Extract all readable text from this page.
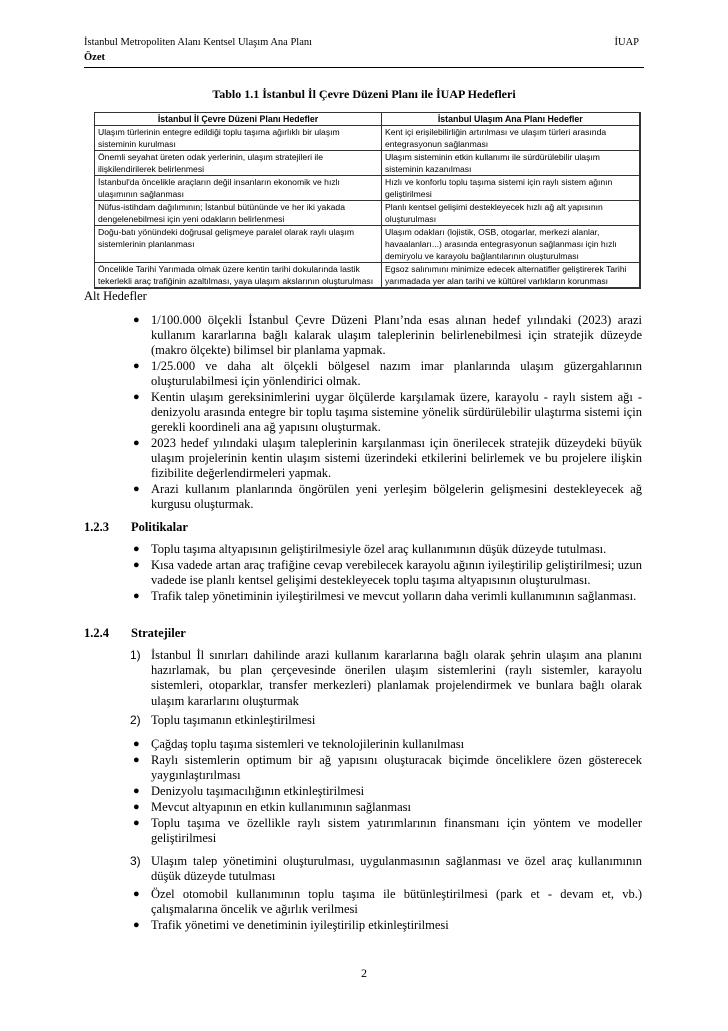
İstanbul Metropoliten Alanı Kentsel Ulaşım Ana Planı	İUAP
Özet
Tablo 1.1 İstanbul İl Çevre Düzeni Planı ile İUAP Hedefleri
İstanbul İl Çevre Düzeni Planı Hedefler	İstanbul Ulaşım Ana Planı Hedefler
Ulaşım türlerinin entegre edildiği toplu taşıma ağırlıklı bir ulaşım sisteminin kurulması	Kent içi erişilebilirliğin artırılması ve ulaşım türleri arasında entegrasyonun sağlanması
Önemli seyahat üreten odak yerlerinin, ulaşım stratejileri ile ilişkilendirilerek belirlenmesi	Ulaşım sisteminin etkin kullanımı ile sürdürülebilir ulaşım sisteminin kazanılması
İstanbul'da öncelikle araçların değil insanların ekonomik ve hızlı ulaşımının sağlanması	Hızlı ve konforlu toplu taşıma sistemi için raylı sistem ağının geliştirilmesi
Nüfus-istihdam dağılımının; İstanbul bütününde ve her iki yakada dengelenebilmesi için yeni odakların belirlenmesi	Planlı kentsel gelişimi destekleyecek hızlı ağ alt yapısının oluşturulması
Doğu-batı yönündeki doğrusal gelişmeye paralel olarak raylı ulaşım sistemlerinin planlanması	Ulaşım odakları (lojistik, OSB, otogarlar, merkezi alanlar, havaalanları...) arasında entegrasyonun sağlanması için hızlı demiryolu ve karayolu bağlantılarının oluşturulması
Öncelikle Tarihi Yarımada olmak üzere kentin tarihi dokularında lastik tekerlekli araç trafiğinin azaltılması, yaya ulaşım akslarının oluşturulması	Egsoz salınımını minimize edecek alternatifler geliştirerek Tarihi yarımadada yer alan tarihi ve kültürel varlıkların korunması
Alt Hedefler
● 1/100.000 ölçekli İstanbul Çevre Düzeni Planı’nda esas alınan hedef yılındaki (2023) arazi kullanım kararlarına bağlı kalarak ulaşım taleplerinin belirlenebilmesi için stratejik düzeyde (makro ölçekte) bilimsel bir planlama yapmak.
● 1/25.000 ve daha alt ölçekli bölgesel nazım imar planlarında ulaşım güzergahlarının oluşturulabilmesi için yönlendirici olmak.
● Kentin ulaşım gereksinimlerini uygar ölçülerde karşılamak üzere, karayolu - raylı sistem ağı - denizyolu arasında entegre bir toplu taşıma sistemine yönelik sürdürülebilir ulaştırma sistemi için gerekli koordineli ana ağ yapısını oluşturmak.
● 2023 hedef yılındaki ulaşım taleplerinin karşılanması için önerilecek stratejik düzeydeki büyük ulaşım projelerinin kentin ulaşım sistemi üzerindeki etkilerini belirlemek ve bu projelere ilişkin fizibilite değerlendirmeleri yapmak.
● Arazi kullanım planlarında öngörülen yeni yerleşim bölgelerin gelişmesini destekleyecek ağ kurgusu oluşturmak.
1.2.3 Politikalar
● Toplu taşıma altyapısının geliştirilmesiyle özel araç kullanımının düşük düzeyde tutulması.
● Kısa vadede artan araç trafiğine cevap verebilecek karayolu ağının iyileştirilip geliştirilmesi; uzun vadede ise planlı kentsel gelişimi destekleyecek toplu taşıma altyapısının oluşturulması.
● Trafik talep yönetiminin iyileştirilmesi ve mevcut yolların daha verimli kullanımının sağlanması.
1.2.4 Stratejiler
1) İstanbul İl sınırları dahilinde arazi kullanım kararlarına bağlı olarak şehrin ulaşım ana planını hazırlamak, bu plan çerçevesinde önerilen ulaşım sistemlerini (raylı sistemler, karayolu sistemleri, otoparklar, transfer merkezleri) planlamak projelendirmek ve bunlara bağlı olarak ulaşım kararlarını oluşturmak
2) Toplu taşımanın etkinleştirilmesi
● Çağdaş toplu taşıma sistemleri ve teknolojilerinin kullanılması
● Raylı sistemlerin optimum bir ağ yapısını oluşturacak biçimde önceliklere özen gösterecek yaygınlaştırılması
● Denizyolu taşımacılığının etkinleştirilmesi
● Mevcut altyapının en etkin kullanımının sağlanması
● Toplu taşıma ve özellikle raylı sistem yatırımlarının finansmanı için yöntem ve modeller geliştirilmesi
3) Ulaşım talep yönetimini oluşturulması, uygulanmasının sağlanması ve özel araç kullanımının düşük düzeyde tutulması
● Özel otomobil kullanımının toplu taşıma ile bütünleştirilmesi (park et - devam et, vb.) çalışmalarına öncelik ve ağırlık verilmesi
● Trafik yönetimi ve denetiminin iyileştirilip etkinleştirilmesi
2
